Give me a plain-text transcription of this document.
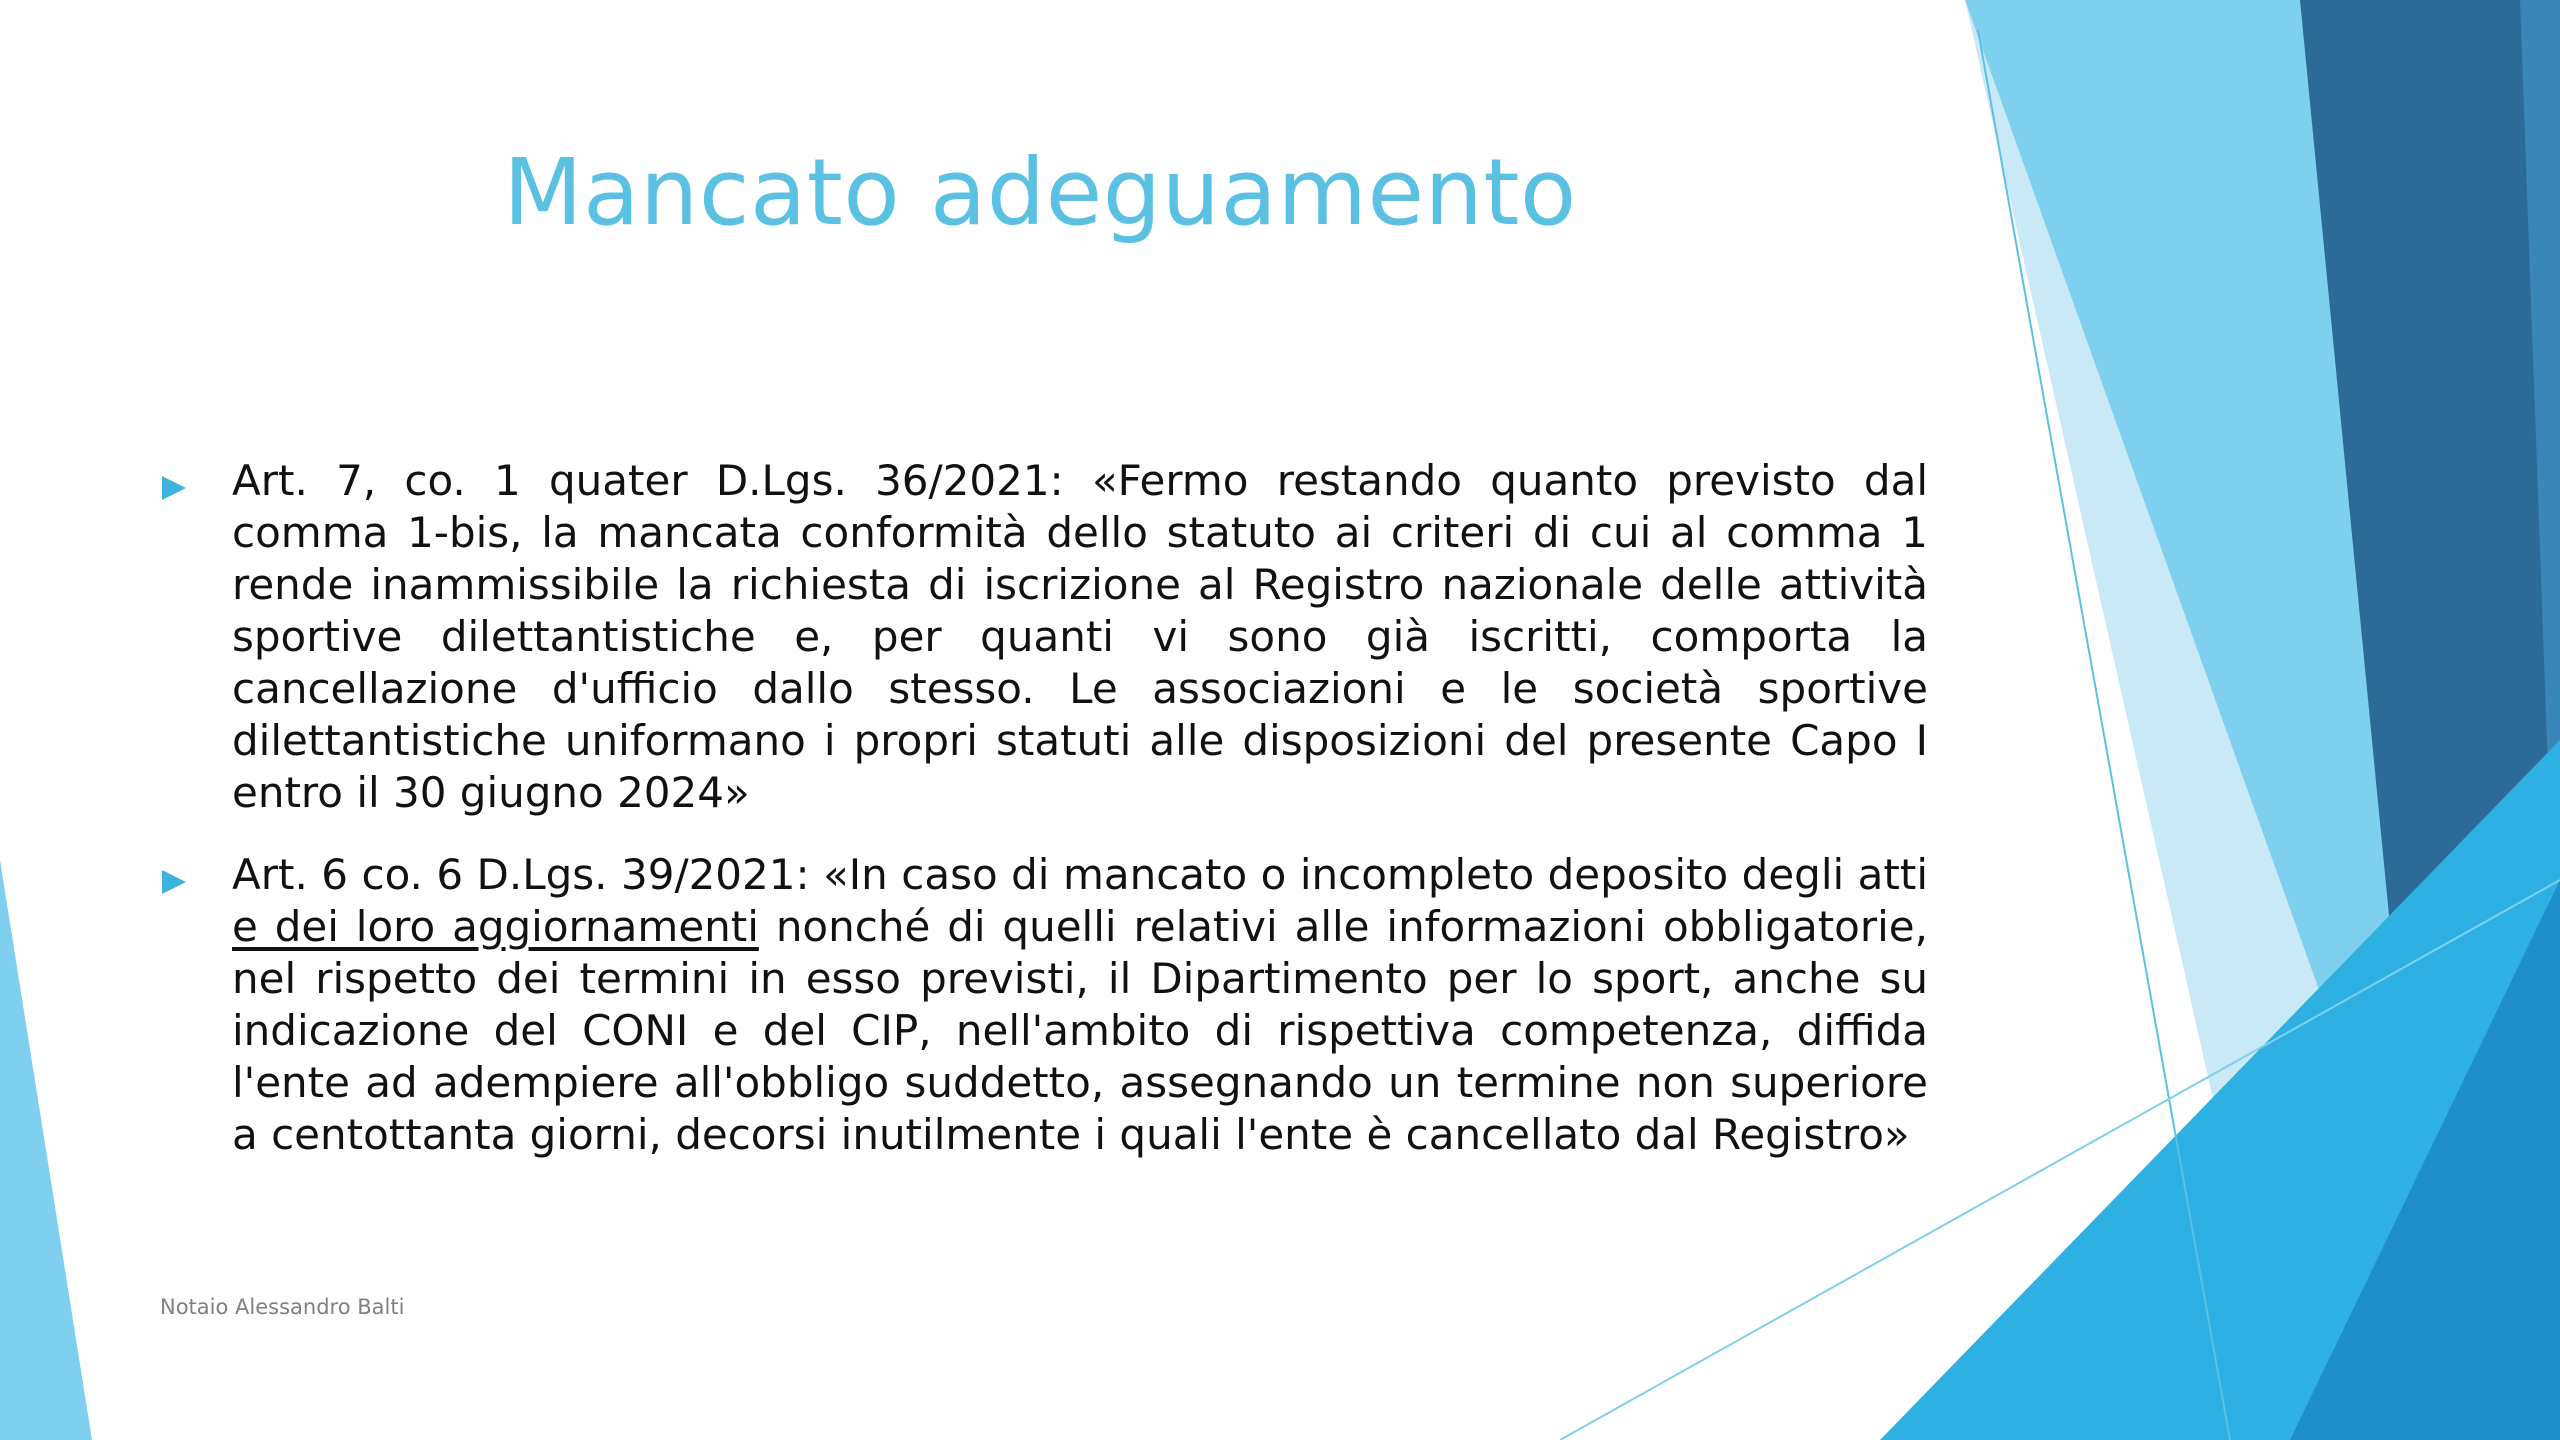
Mancato adeguamento
Art. 7, co. 1 quater D.Lgs. 36/2021: «Fermo restando quanto previsto dal comma 1-bis, la mancata conformità dello statuto ai criteri di cui al comma 1 rende inammissibile la richiesta di iscrizione al Registro nazionale delle attività sportive dilettantistiche e, per quanti vi sono già iscritti, comporta la cancellazione d'ufficio dallo stesso. Le associazioni e le società sportive dilettantistiche uniformano i propri statuti alle disposizioni del presente Capo I entro il 30 giugno 2024»
Art. 6 co. 6 D.Lgs. 39/2021: «In caso di mancato o incompleto deposito degli atti e dei loro aggiornamenti nonché di quelli relativi alle informazioni obbligatorie, nel rispetto dei termini in esso previsti, il Dipartimento per lo sport, anche su indicazione del CONI e del CIP, nell'ambito di rispettiva competenza, diffida l'ente ad adempiere all'obbligo suddetto, assegnando un termine non superiore a centottanta giorni, decorsi inutilmente i quali l'ente è cancellato dal Registro»
Notaio Alessandro Balti
